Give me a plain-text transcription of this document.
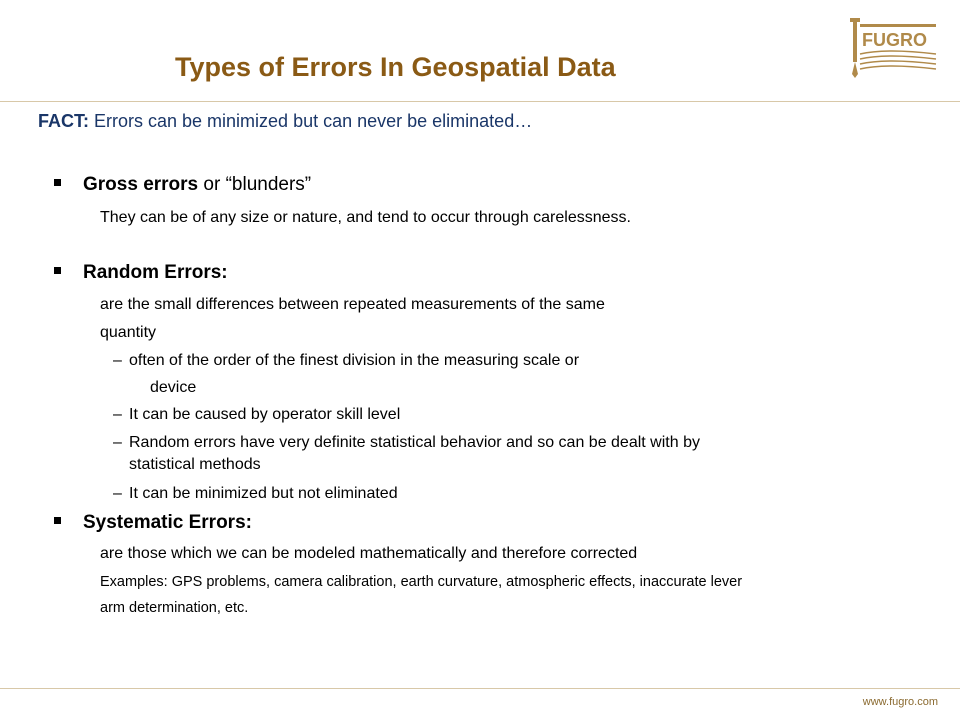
Types of Errors In Geospatial Data
FUGRO
FACT: Errors can be minimized but can never be eliminated…
Gross errors or “blunders”
They can be of any size or nature, and tend to occur through carelessness.
Random Errors:
are the small differences between repeated measurements of the same
quantity
– often of the order of the finest division in the measuring scale or
device
– It can be caused by operator skill level
– Random errors have very definite statistical behavior and so can be dealt with by
statistical methods
– It can be minimized but not eliminated
Systematic Errors:
are those which we can be modeled mathematically and therefore corrected
Examples: GPS problems, camera calibration, earth curvature, atmospheric effects, inaccurate lever
arm determination, etc.
www.fugro.com
